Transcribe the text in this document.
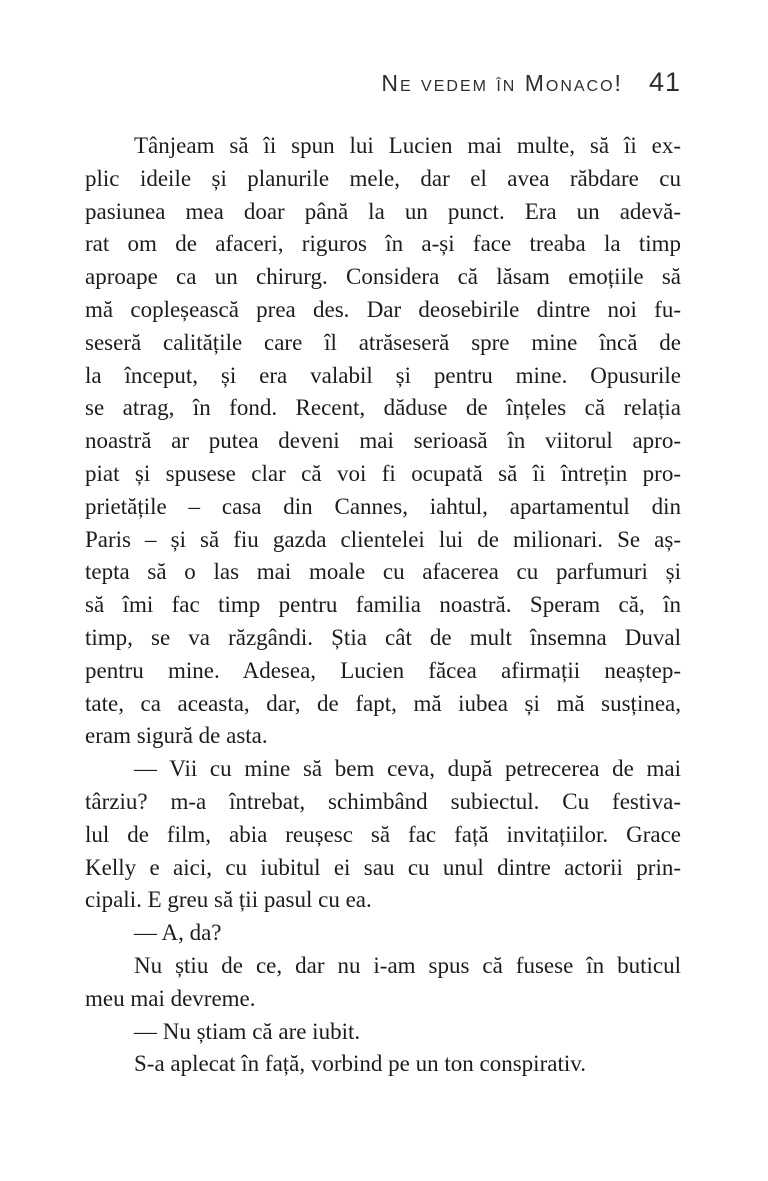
Ne vedem în Monaco! 41
Tânjeam să îi spun lui Lucien mai multe, să îi ex-
plic ideile și planurile mele, dar el avea răbdare cu
pasiunea mea doar până la un punct. Era un adevă-
rat om de afaceri, riguros în a-și face treaba la timp
aproape ca un chirurg. Considera că lăsam emoțiile să
mă copleșească prea des. Dar deosebirile dintre noi fu-
seseră calitățile care îl atrăseseră spre mine încă de
la început, și era valabil și pentru mine. Opusurile
se atrag, în fond. Recent, dăduse de înțeles că relația
noastră ar putea deveni mai serioasă în viitorul apro-
piat și spusese clar că voi fi ocupată să îi întrețin pro-
prietățile – casa din Cannes, iahtul, apartamentul din
Paris – și să fiu gazda clientelei lui de milionari. Se aș-
tepta să o las mai moale cu afacerea cu parfumuri și
să îmi fac timp pentru familia noastră. Speram că, în
timp, se va răzgândi. Știa cât de mult însemna Duval
pentru mine. Adesea, Lucien făcea afirmații neaștep-
tate, ca aceasta, dar, de fapt, mă iubea și mă susținea,
eram sigură de asta.
— Vii cu mine să bem ceva, după petrecerea de mai
târziu? m-a întrebat, schimbând subiectul. Cu festiva-
lul de film, abia reușesc să fac față invitațiilor. Grace
Kelly e aici, cu iubitul ei sau cu unul dintre actorii prin-
cipali. E greu să ții pasul cu ea.
— A, da?
Nu știu de ce, dar nu i-am spus că fusese în buticul
meu mai devreme.
— Nu știam că are iubit.
S-a aplecat în față, vorbind pe un ton conspirativ.
